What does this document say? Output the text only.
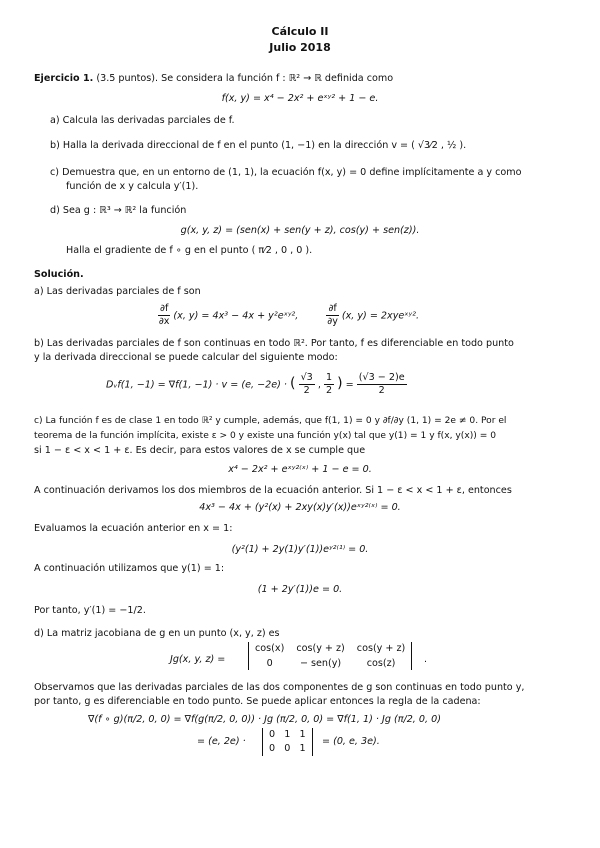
Cálculo II
Julio 2018
Ejercicio 1. (3.5 puntos). Se considera la función f : ℝ² → ℝ definida como
f(x, y) = x⁴ − 2x² + eˣʸ² + 1 − e.
a) Calcula las derivadas parciales de f.
b) Halla la derivada direccional de f en el punto (1, −1) en la dirección v = ( √3⁄2 , ½ ).
c) Demuestra que, en un entorno de (1, 1), la ecuación f(x, y) = 0 define implícitamente a y como
función de x y calcula y′(1).
d) Sea g : ℝ³ → ℝ² la función
g(x, y, z) = (sen(x) + sen(y + z), cos(y) + sen(z)).
Halla el gradiente de f ∘ g en el punto ( π⁄2 , 0 , 0 ).
Solución.
a) Las derivadas parciales de f son
$\frac{\partial f}{\partial x} (x$, y) = 4x³ − 4x + y²eˣʸ²,	$\frac{\partial f}{\partial y} (x$, y) = 2xyeˣʸ².
b) Las derivadas parciales de f son continuas en todo ℝ². Por tanto, f es diferenciable en todo punto
y la derivada direccional se puede calcular del siguiente modo:
Dᵥf(1, −1) = ∇f(1, −1) · v = (e, −2e) · ( $\frac{√3}{2}$ , $\frac{1}{2}$ ) = $\frac{(√3 - 2)e}{2}$
c) La función f es de clase 1 en todo ℝ² y cumple, además, que f(1, 1) = 0 y ∂f/∂y (1, 1) = 2e ≠ 0. Por el
teorema de la función implícita, existe ε > 0 y existe una función y(x) tal que y(1) = 1 y f(x, y(x)) = 0
si 1 − ε < x < 1 + ε. Es decir, para estos valores de x se cumple que
x⁴ − 2x² + eˣʸ²⁽ˣ⁾ + 1 − e = 0.
A continuación derivamos los dos miembros de la ecuación anterior. Si 1 − ε < x < 1 + ε, entonces
4x³ − 4x + (y²(x) + 2xy(x)y′(x))eˣʸ²⁽ˣ⁾ = 0.
Evaluamos la ecuación anterior en x = 1:
(y²(1) + 2y(1)y′(1))eʸ²⁽¹⁾ = 0.
A continuación utilizamos que y(1) = 1:
(1 + 2y′(1))e = 0.
Por tanto, y′(1) = −1/2.
d) La matriz jacobiana de g en un punto (x, y, z) es
Jg(x, y, z) =
cos(x)	cos(y + z)	cos(y + z)
0	− sen(y)	cos(z)	.
Observamos que las derivadas parciales de las dos componentes de g son continuas en todo punto y,
por tanto, g es diferenciable en todo punto. Se puede aplicar entonces la regla de la cadena:
∇(f ∘ g)(π/2, 0, 0) = ∇f(g(π/2, 0, 0)) · Jg (π/2, 0, 0) = ∇f(1, 1) · Jg (π/2, 0, 0)
= (e, 2e) ·
0   1   1
0   0   1
= (0, e, 3e).
